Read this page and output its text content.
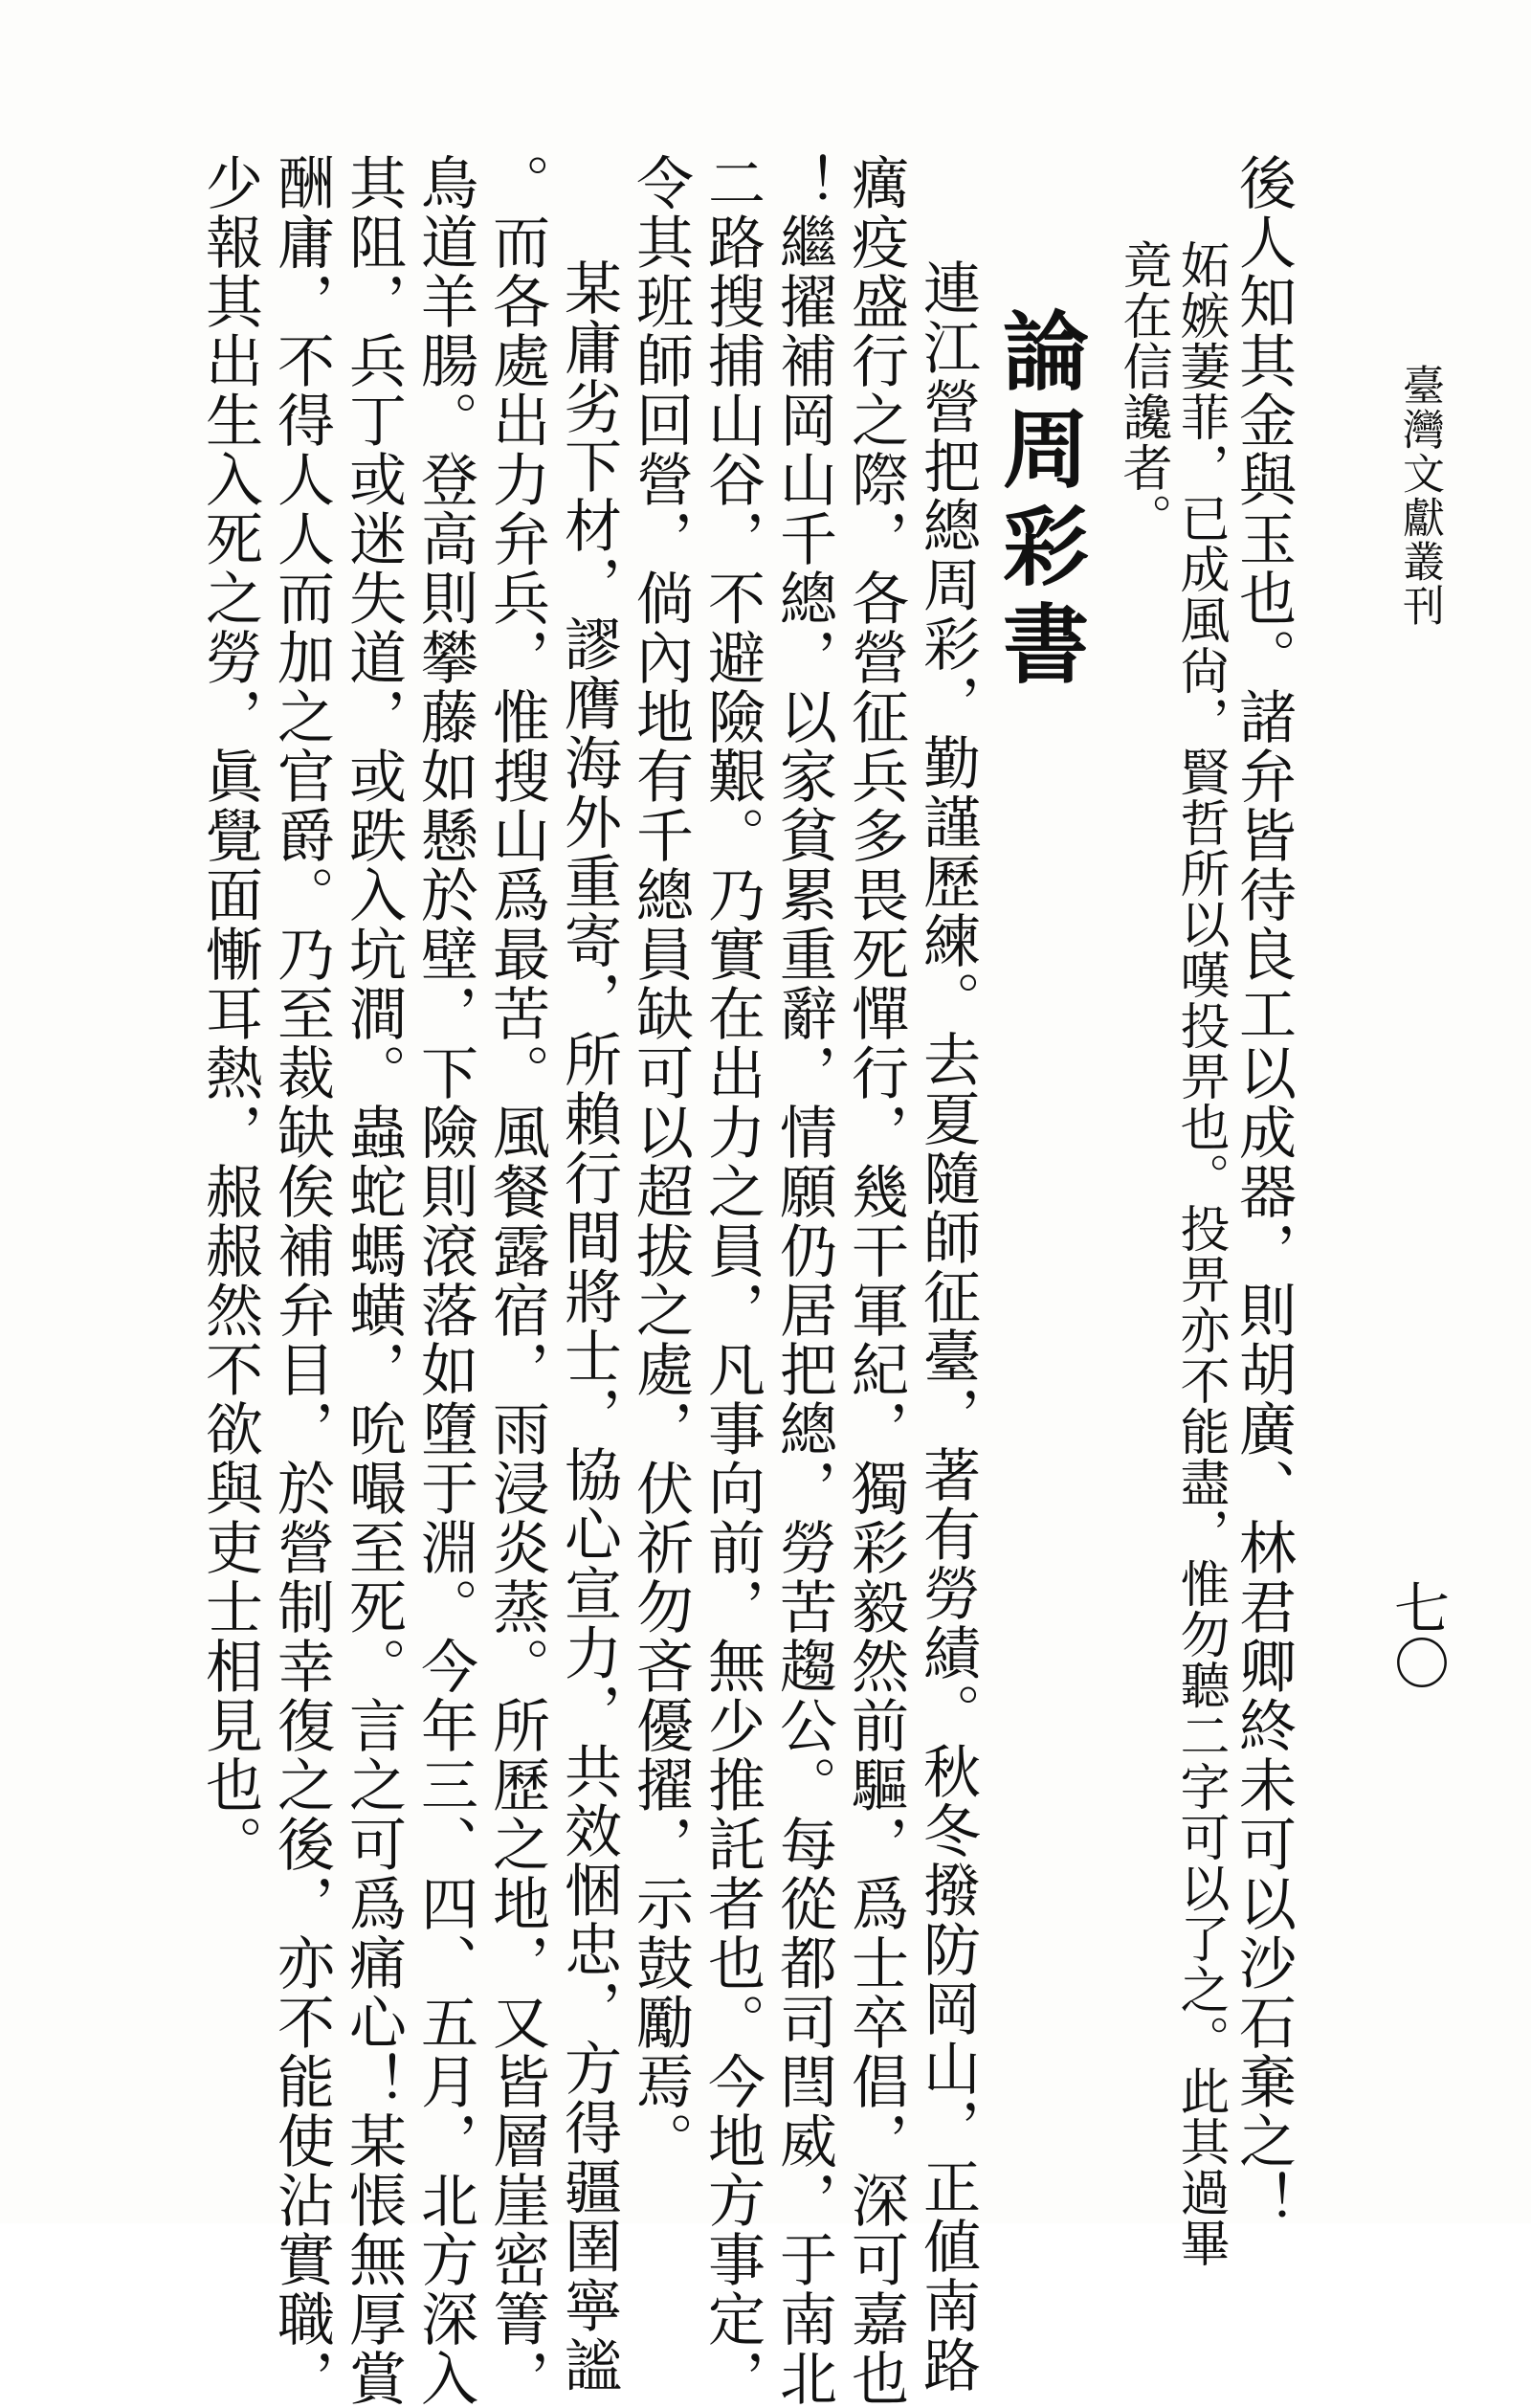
臺灣文獻叢刊
七〇
後人知其金與玉也。諸弁皆待良工以成器，則胡廣、林君卿終未可以沙石棄之！
妬嫉萋菲，已成風尙，賢哲所以嘆投畀也。投畀亦不能盡，惟勿聽二字可以了之。此其過畢
竟在信讒者。
論周彩書
連江營把總周彩，勤謹歷練。去夏隨師征臺，著有勞績。秋冬撥防岡山，正値南路
癘疫盛行之際，各營征兵多畏死憚行，幾干軍紀，獨彩毅然前驅，爲士卒倡，深可嘉也
！繼擢補岡山千總，以家貧累重辭，情願仍居把總，勞苦趨公。每從都司閆威，于南北
二路搜捕山谷，不避險艱。乃實在出力之員，凡事向前，無少推託者也。今地方事定，
令其班師回營，倘內地有千總員缺可以超拔之處，伏祈勿吝優擢，示鼓勵焉。
某庸劣下材，謬膺海外重寄，所賴行間將士，協心宣力，共效悃忠，方得疆圉寧謐
。而各處出力弁兵，惟搜山爲最苦。風餐露宿，雨浸炎蒸。所歷之地，又皆層崖密箐，
鳥道羊腸。登高則攀藤如懸於壁，下險則滾落如墮于淵。今年三、四、五月，北方深入
其阻，兵丁或迷失道，或跌入坑澗。蟲蛇螞蟥，吮嘬至死。言之可爲痛心！某悵無厚賞
酬庸，不得人人而加之官爵。乃至裁缺俟補弁目，於營制幸復之後，亦不能使沾實職，
少報其出生入死之勞，眞覺面慚耳熱，赧赧然不欲與吏士相見也。
